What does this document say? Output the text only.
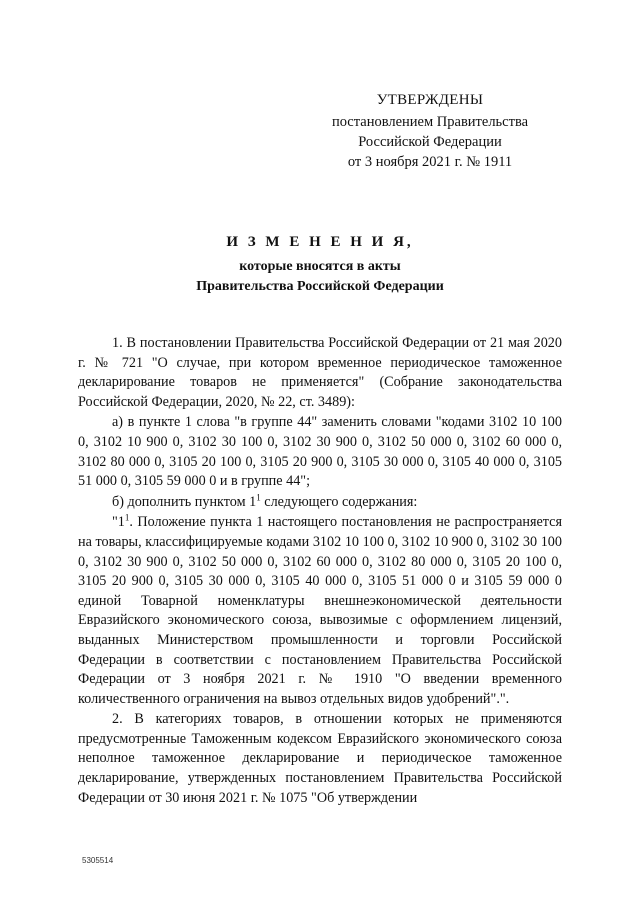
УТВЕРЖДЕНЫ
постановлением Правительства
Российской Федерации
от 3 ноября 2021 г. № 1911
И З М Е Н Е Н И Я,
которые вносятся в акты
Правительства Российской Федерации

1. В постановлении Правительства Российской Федерации от 21 мая 2020 г. № 721 "О случае, при котором временное периодическое таможенное декларирование товаров не применяется" (Собрание законодательства Российской Федерации, 2020, № 22, ст. 3489):

а) в пункте 1 слова "в группе 44" заменить словами "кодами 3102 10 100 0, 3102 10 900 0, 3102 30 100 0, 3102 30 900 0, 3102 50 000 0, 3102 60 000 0, 3102 80 000 0, 3105 20 100 0, 3105 20 900 0, 3105 30 000 0, 3105 40 000 0, 3105 51 000 0, 3105 59 000 0 и в группе 44";

б) дополнить пунктом $1^1$ следующего содержания:

"$1^1$. Положение пункта 1 настоящего постановления не распространяется на товары, классифицируемые кодами 3102 10 100 0, 3102 10 900 0, 3102 30 100 0, 3102 30 900 0, 3102 50 000 0, 3102 60 000 0, 3102 80 000 0, 3105 20 100 0, 3105 20 900 0, 3105 30 000 0, 3105 40 000 0, 3105 51 000 0 и 3105 59 000 0 единой Товарной номенклатуры внешнеэкономической деятельности Евразийского экономического союза, вывозимые с оформлением лицензий, выданных Министерством промышленности и торговли Российской Федерации в соответствии с постановлением Правительства Российской Федерации от 3 ноября 2021 г. № 1910 "О введении временного количественного ограничения на вывоз отдельных видов удобрений".".

2. В категориях товаров, в отношении которых не применяются предусмотренные Таможенным кодексом Евразийского экономического союза неполное таможенное декларирование и периодическое таможенное декларирование, утвержденных постановлением Правительства Российской Федерации от 30 июня 2021 г. № 1075 "Об утверждении

5305514
